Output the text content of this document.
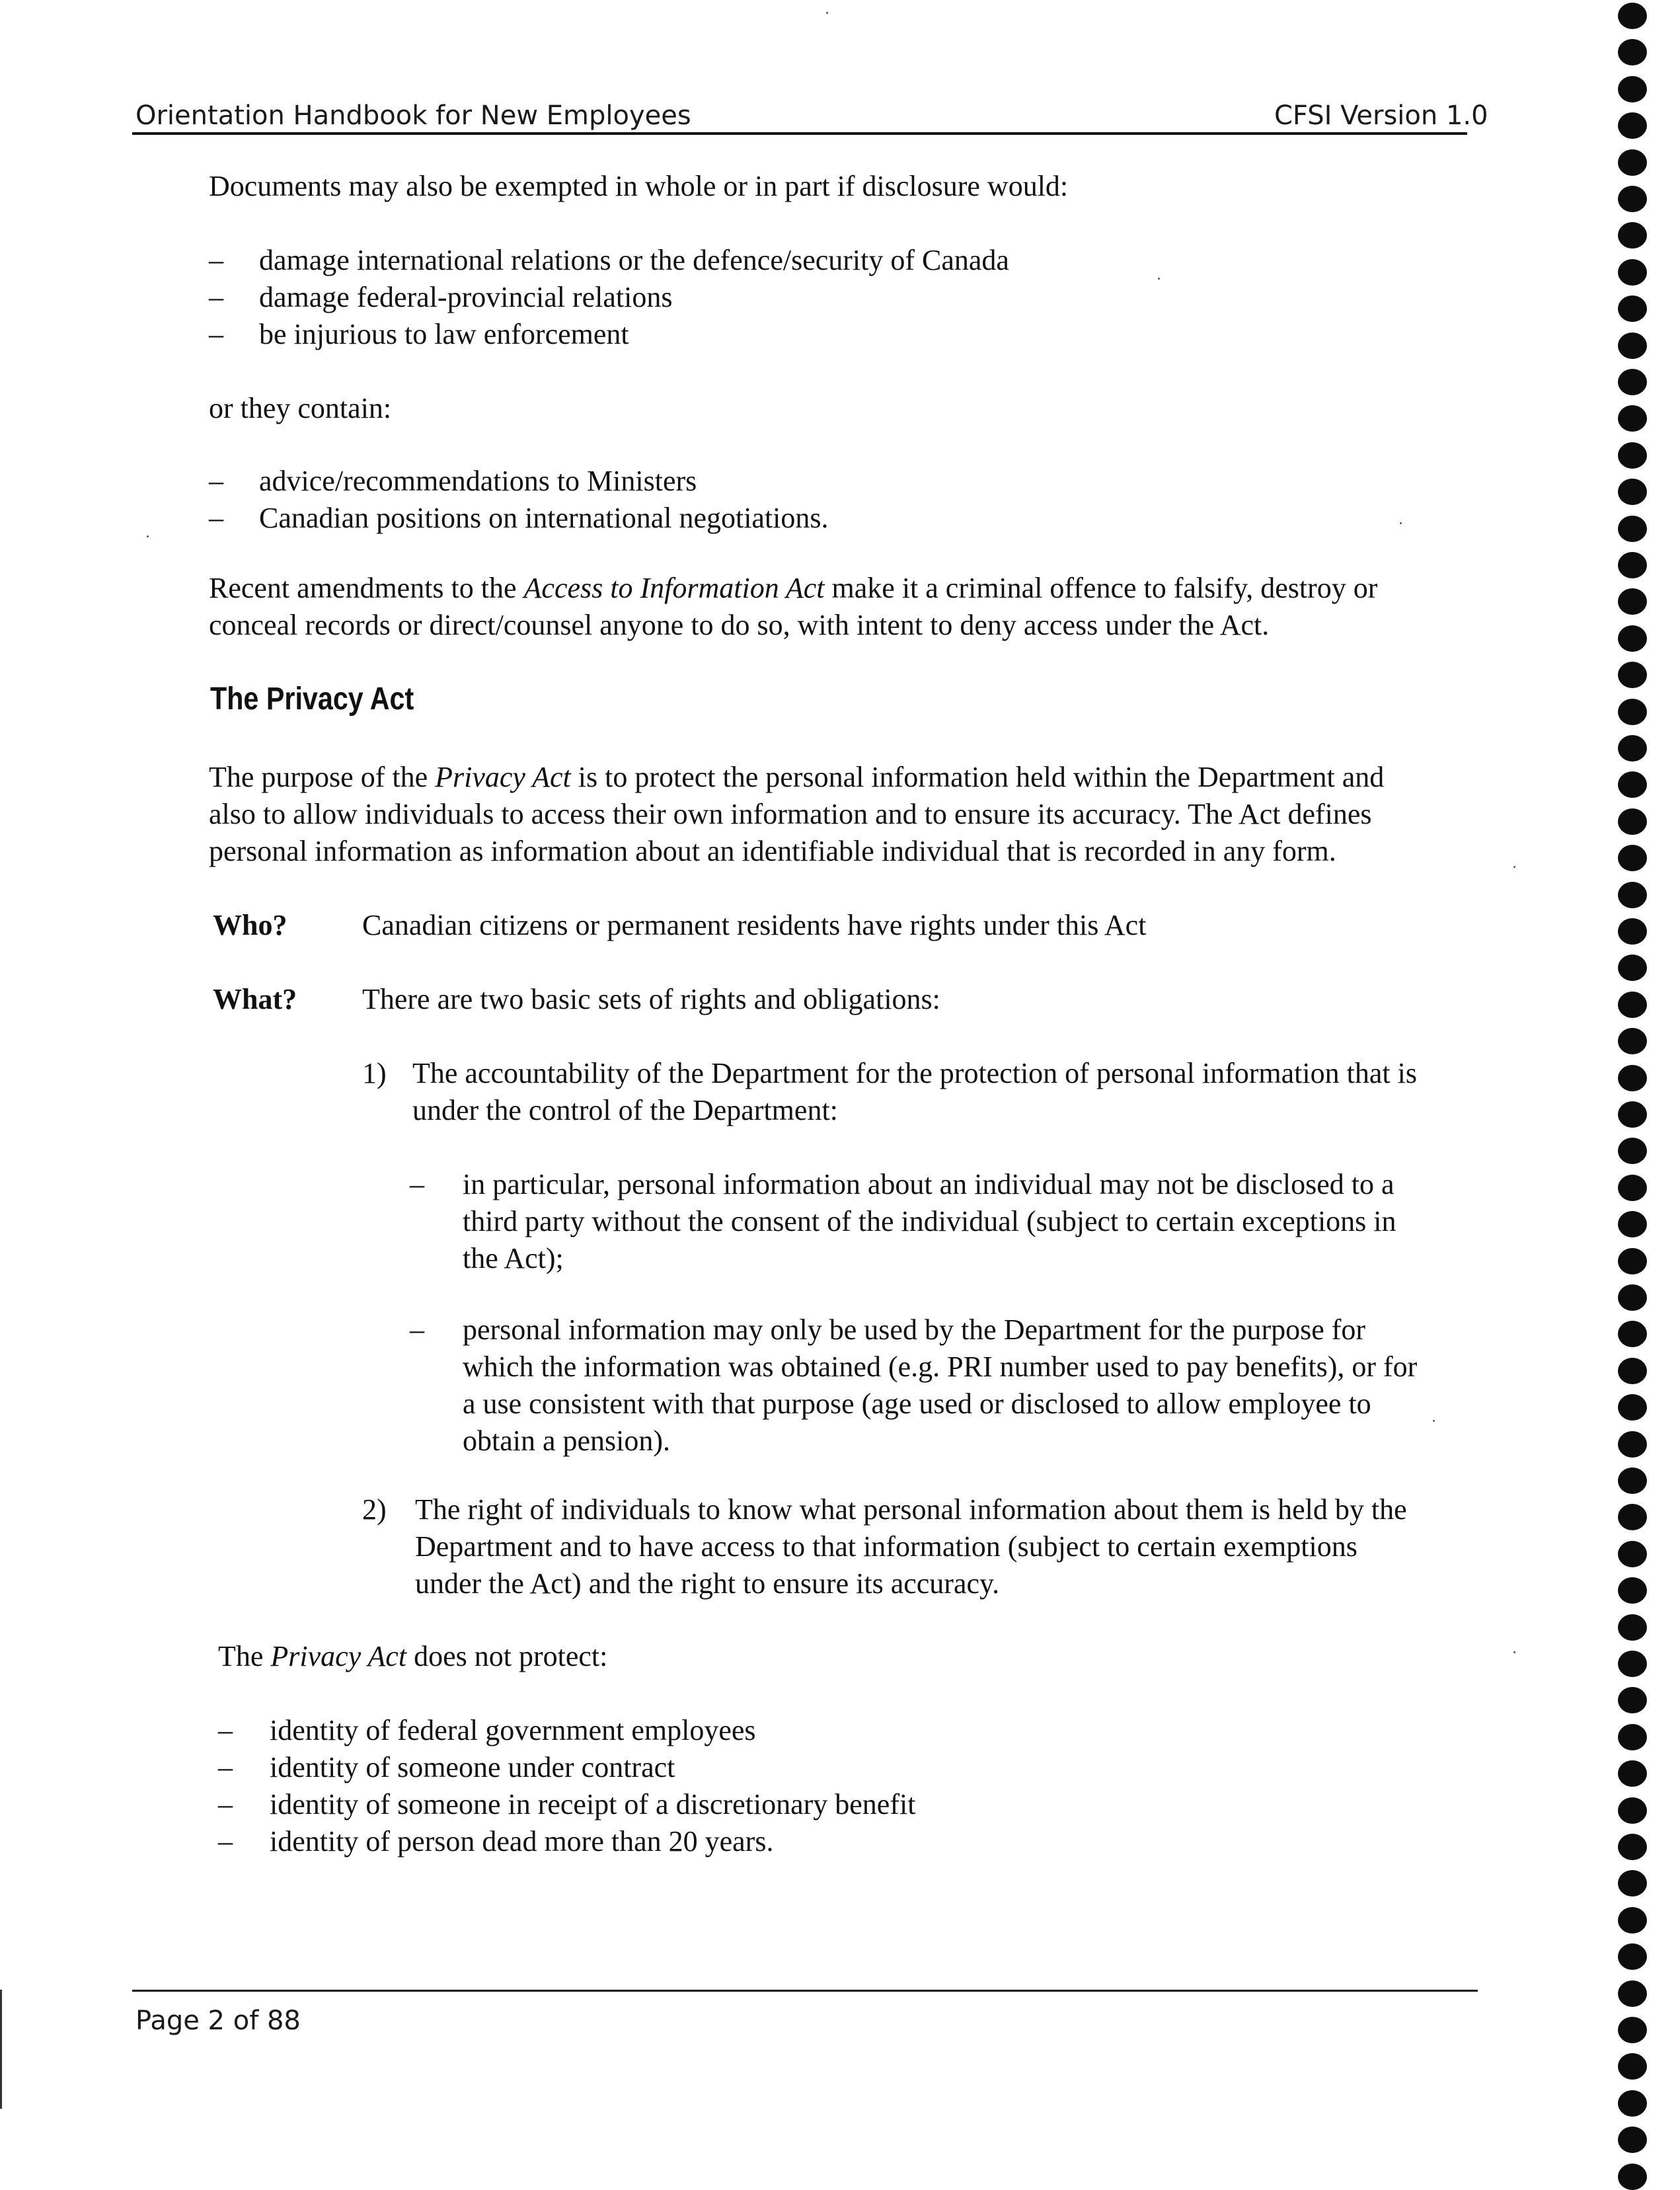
Orientation Handbook for New Employees	CFSI Version 1.0
Documents may also be exempted in whole or in part if disclosure would:
– damage international relations or the defence/security of Canada
– damage federal-provincial relations
– be injurious to law enforcement
or they contain:
– advice/recommendations to Ministers
– Canadian positions on international negotiations.
Recent amendments to the Access to Information Act make it a criminal offence to falsify, destroy or
conceal records or direct/counsel anyone to do so, with intent to deny access under the Act.
The Privacy Act
The purpose of the Privacy Act is to protect the personal information held within the Department and
also to allow individuals to access their own information and to ensure its accuracy. The Act defines
personal information as information about an identifiable individual that is recorded in any form.
Who?	Canadian citizens or permanent residents have rights under this Act
What? There are two basic sets of rights and obligations:
1) The accountability of the Department for the protection of personal information that is
under the control of the Department:
– in particular, personal information about an individual may not be disclosed to a
third party without the consent of the individual (subject to certain exceptions in
the Act);
– personal information may only be used by the Department for the purpose for
which the information was obtained (e.g. PRI number used to pay benefits), or for
a use consistent with that purpose (age used or disclosed to allow employee to
obtain a pension).
2) The right of individuals to know what personal information about them is held by the
Department and to have access to that information (subject to certain exemptions
under the Act) and the right to ensure its accuracy.
The Privacy Act does not protect:
– identity of federal government employees
– identity of someone under contract
– identity of someone in receipt of a discretionary benefit
– identity of person dead more than 20 years.
Page 2 of 88
